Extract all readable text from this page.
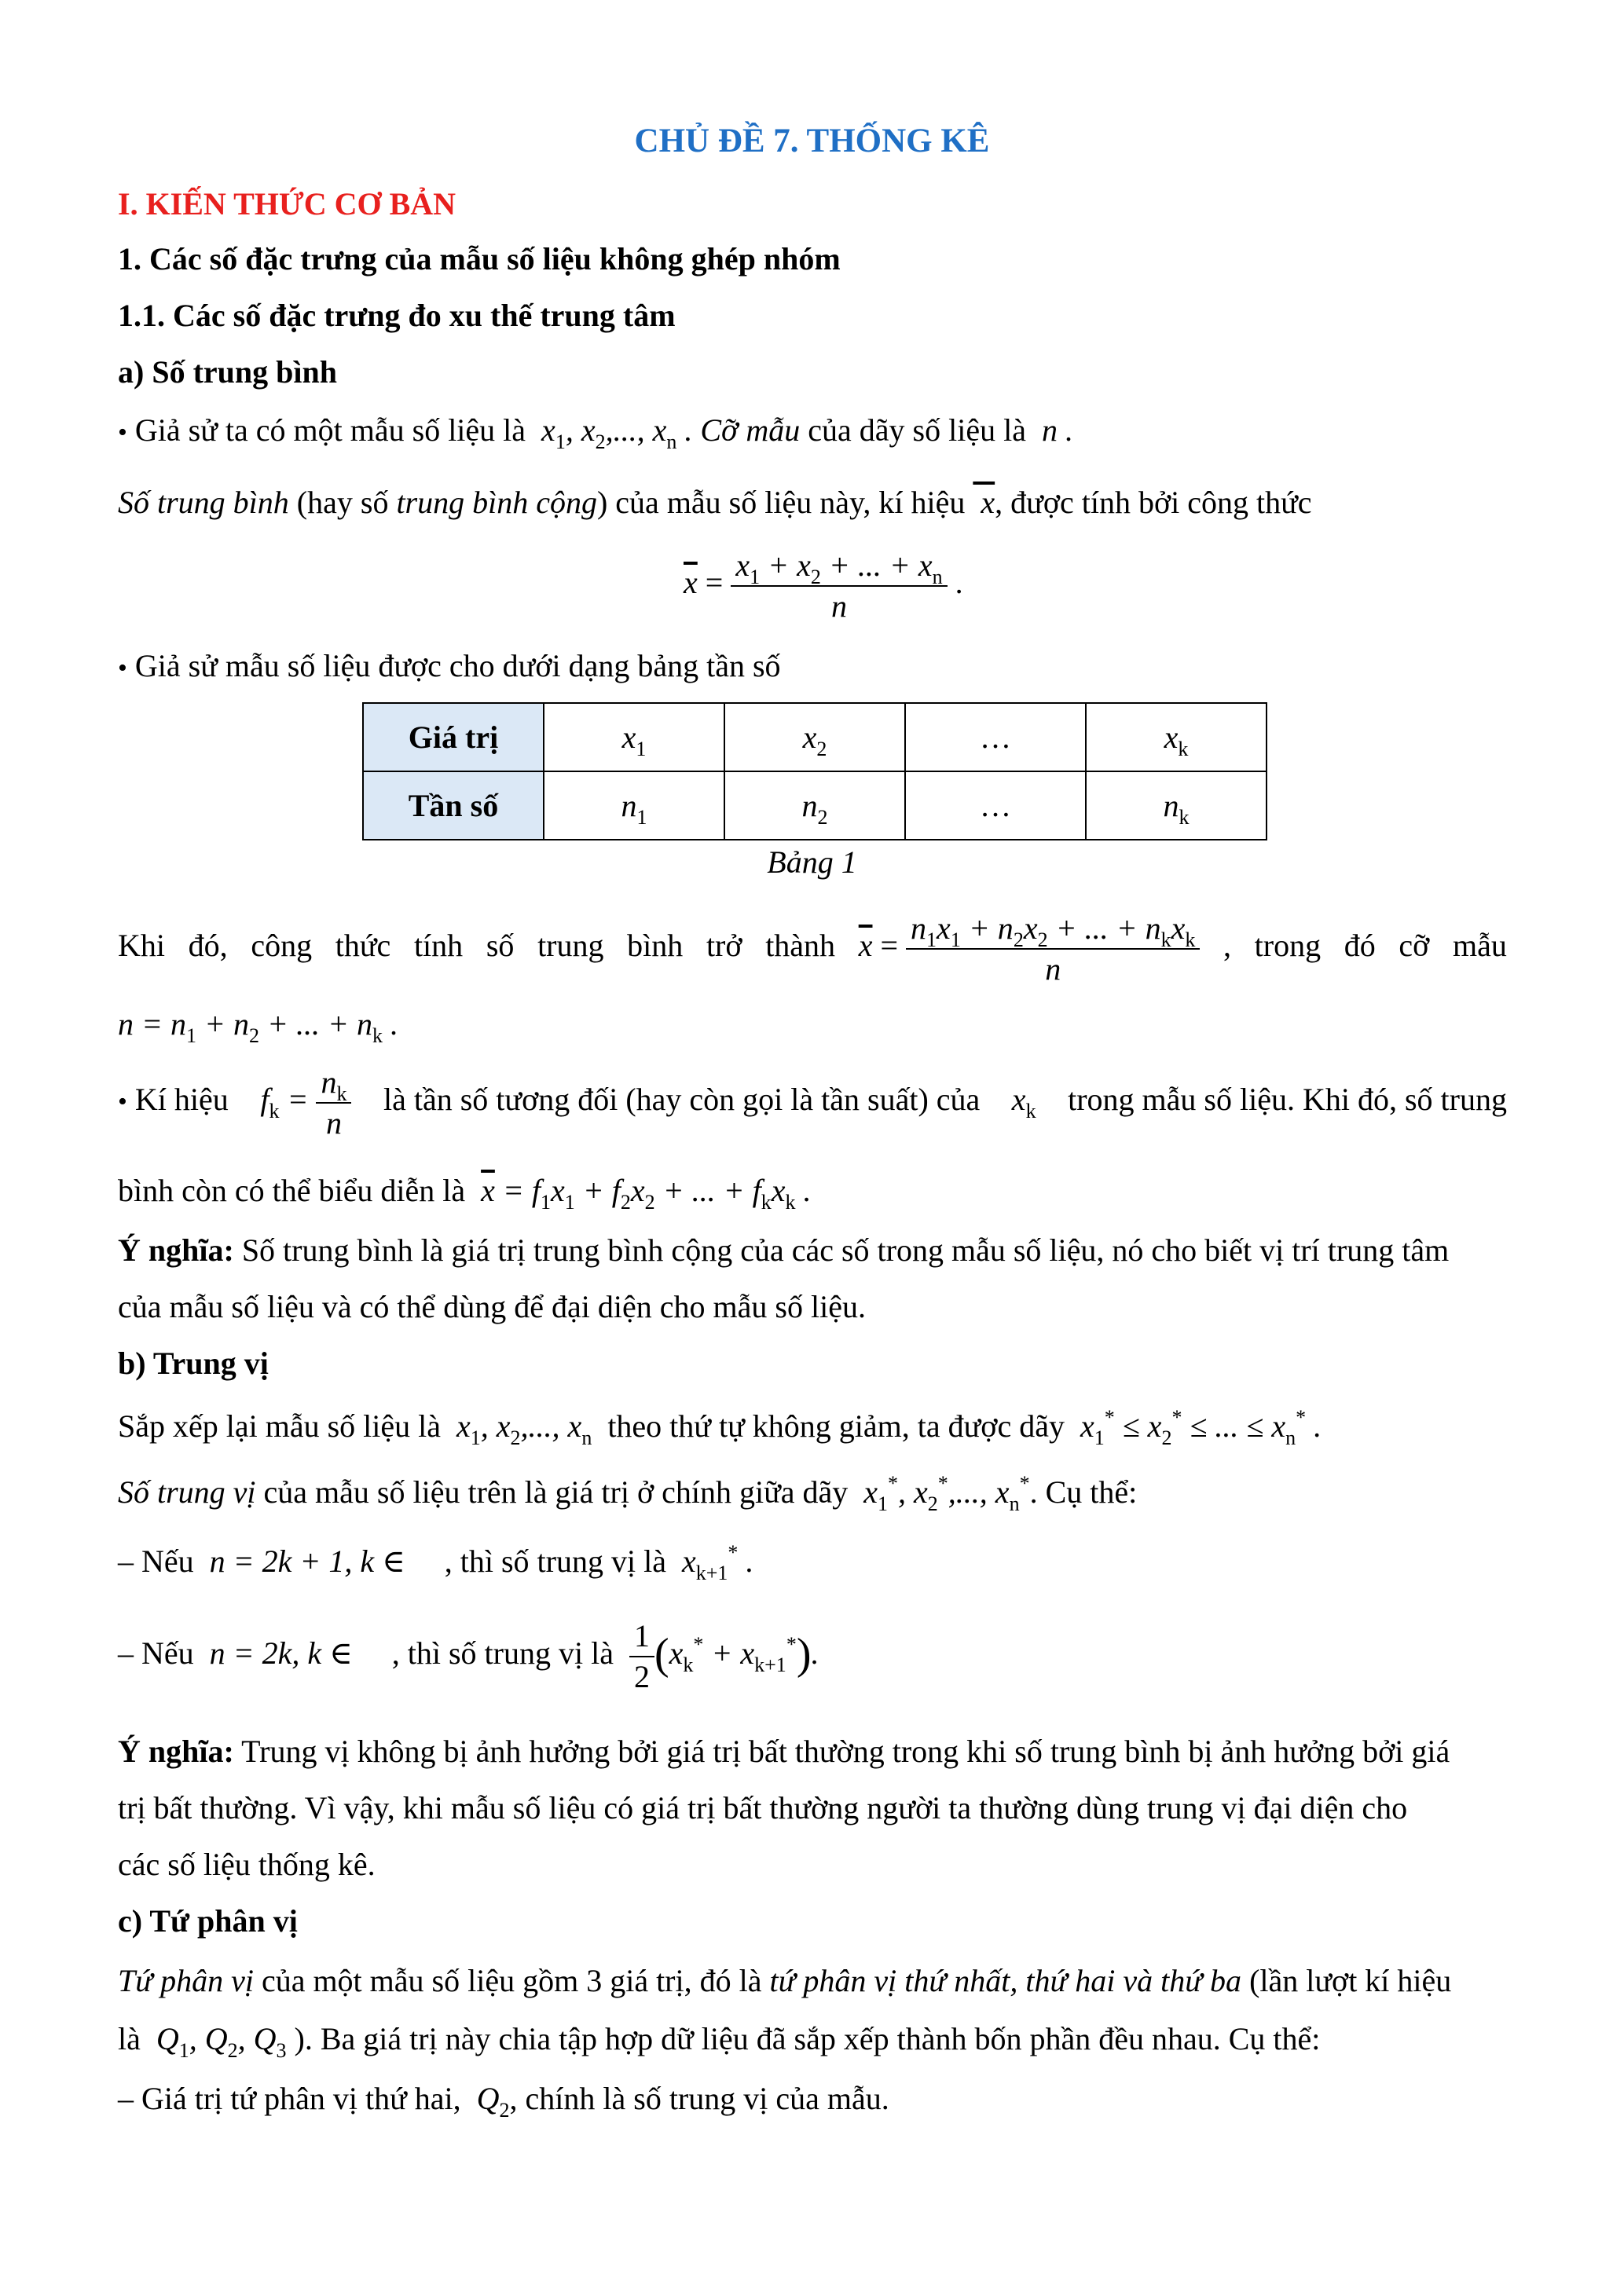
CHỦ ĐỀ 7. THỐNG KÊ
I. KIẾN THỨC CƠ BẢN
1. Các số đặc trưng của mẫu số liệu không ghép nhóm
1.1. Các số đặc trưng đo xu thế trung tâm
a) Số trung bình
• Giả sử ta có một mẫu số liệu là  $x_1$, $x_2$,..., $x_n$ . Cỡ mẫu của dãy số liệu là  n .
Số trung bình (hay số trung bình cộng) của mẫu số liệu này, kí hiệu  x, được tính bởi công thức
$\overline{x} = \frac{x_1 + x_2 + ... + x_n}{n}$ .
• Giả sử mẫu số liệu được cho dưới dạng bảng tần số
Giá trị	$x_1$	$x_2$	…	$x_k$
Tần số	$n_1$	$n_2$	…	$n_k$
Bảng 1
Khi đó, công thức tính số trung bình trở thành $\overline{x} = \frac{n_1x_1 + n_2x_2 + ... + n_kx_k}{n}$ , trong đó cỡ mẫu
$n = n_1 + n_2$ + ... + $n_k$ .
• Kí hiệu $f_k = \frac{n_k}{n}$ là tần số tương đối (hay còn gọi là tần suất) của $x_k$ trong mẫu số liệu. Khi đó, số trung
bình còn có thể biểu diễn là $\overline{x} = f_1x_1 + f_2x_2$ + ... + $f_kx_k$ .
Ý nghĩa: Số trung bình là giá trị trung bình cộng của các số trong mẫu số liệu, nó cho biết vị trí trung tâm
của mẫu số liệu và có thể dùng để đại diện cho mẫu số liệu.
b) Trung vị
Sắp xếp lại mẫu số liệu là  $x_1$, $x_2$,..., $x_n$ theo thứ tự không giảm, ta được dãy  $x_1^* \le x_2^*$ ≤ ... ≤ $x_n^*$ .
Số trung vị của mẫu số liệu trên là giá trị ở chính giữa dãy  $x_1^*$, $x_2^*$,..., $x_n^*$. Cụ thể:
– Nếu  n = 2k + 1, k ∈     , thì số trung vị là  $x_{k+1}^*$ .
– Nếu  n = 2k, k ∈     , thì số trung vị là $\frac{1}{2} (x_k^* + x_{k+1}^*)$.
Ý nghĩa: Trung vị không bị ảnh hưởng bởi giá trị bất thường trong khi số trung bình bị ảnh hưởng bởi giá
trị bất thường. Vì vậy, khi mẫu số liệu có giá trị bất thường người ta thường dùng trung vị đại diện cho
các số liệu thống kê.
c) Tứ phân vị
Tứ phân vị của một mẫu số liệu gồm 3 giá trị, đó là tứ phân vị thứ nhất, thứ hai và thứ ba (lần lượt kí hiệu
là  $Q_1$, $Q_2$, $Q_3$ ). Ba giá trị này chia tập hợp dữ liệu đã sắp xếp thành bốn phần đều nhau. Cụ thể:
– Giá trị tứ phân vị thứ hai,  $Q_2$, chính là số trung vị của mẫu.
